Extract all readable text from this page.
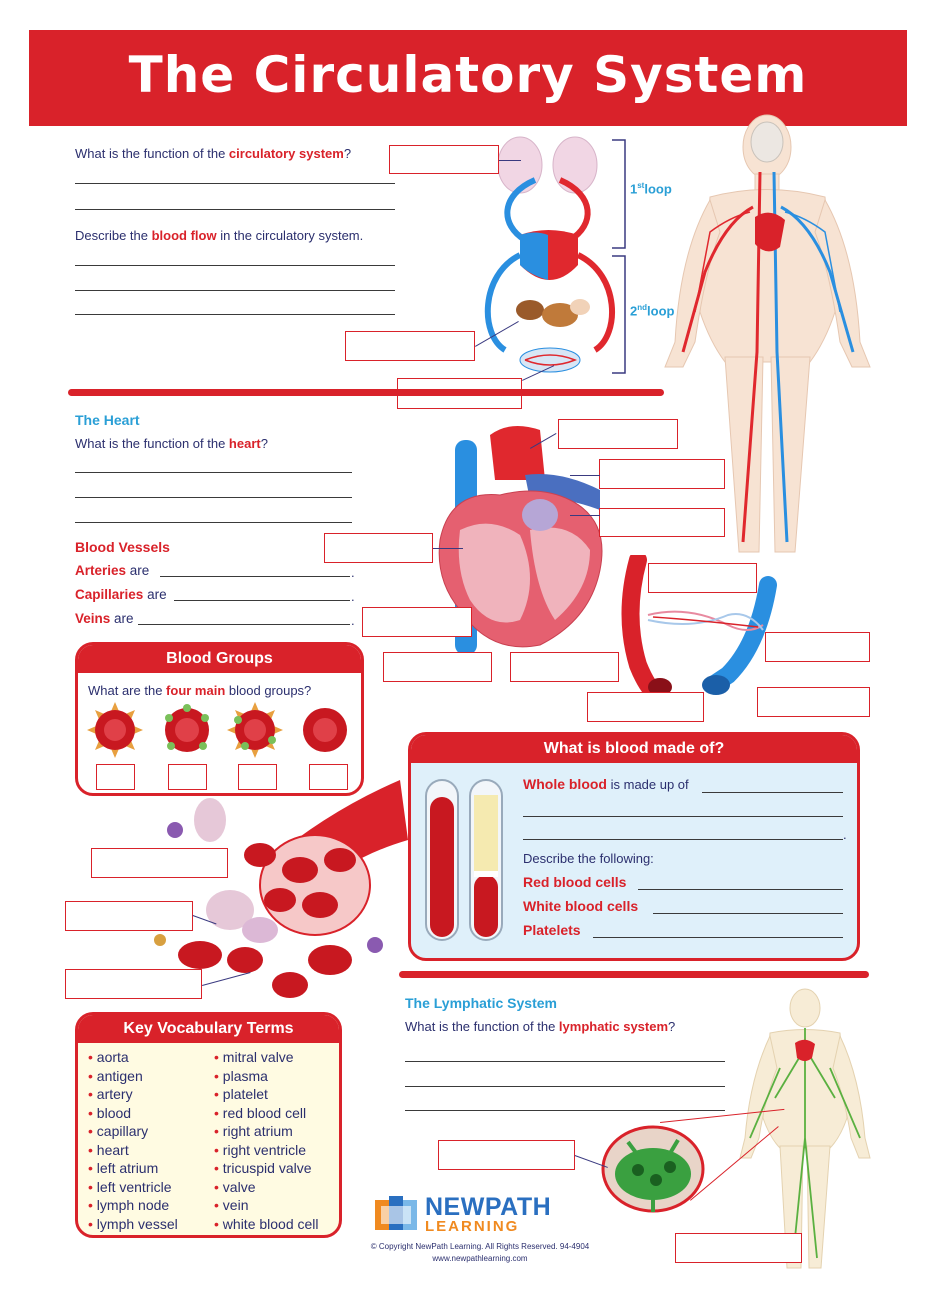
The Circulatory System
What is the function of the circulatory system?
Describe the blood flow in the circulatory system.
1stloop
2ndloop
The Heart
What is the function of the heart?
Blood Vessels
Arteries are	.
Capillaries are	.
Veins are	.
Blood Groups
What are the four main blood groups?
What is blood made of?
Whole blood is made up of
.
Describe the following:
Red blood cells
White blood cells
Platelets
The Lymphatic System
What is the function of the lymphatic system?
Key Vocabulary Terms
• aorta
• antigen
• artery
• blood
• capillary
• heart
• left atrium
• left ventricle
• lymph node
• lymph vessel
• mitral valve
• plasma
• platelet
• red blood cell
• right atrium
• right ventricle
• tricuspid valve
• valve
• vein
• white blood cell
NEWPATH
LEARNING
© Copyright NewPath Learning. All Rights Reserved. 94-4904
www.newpathlearning.com
